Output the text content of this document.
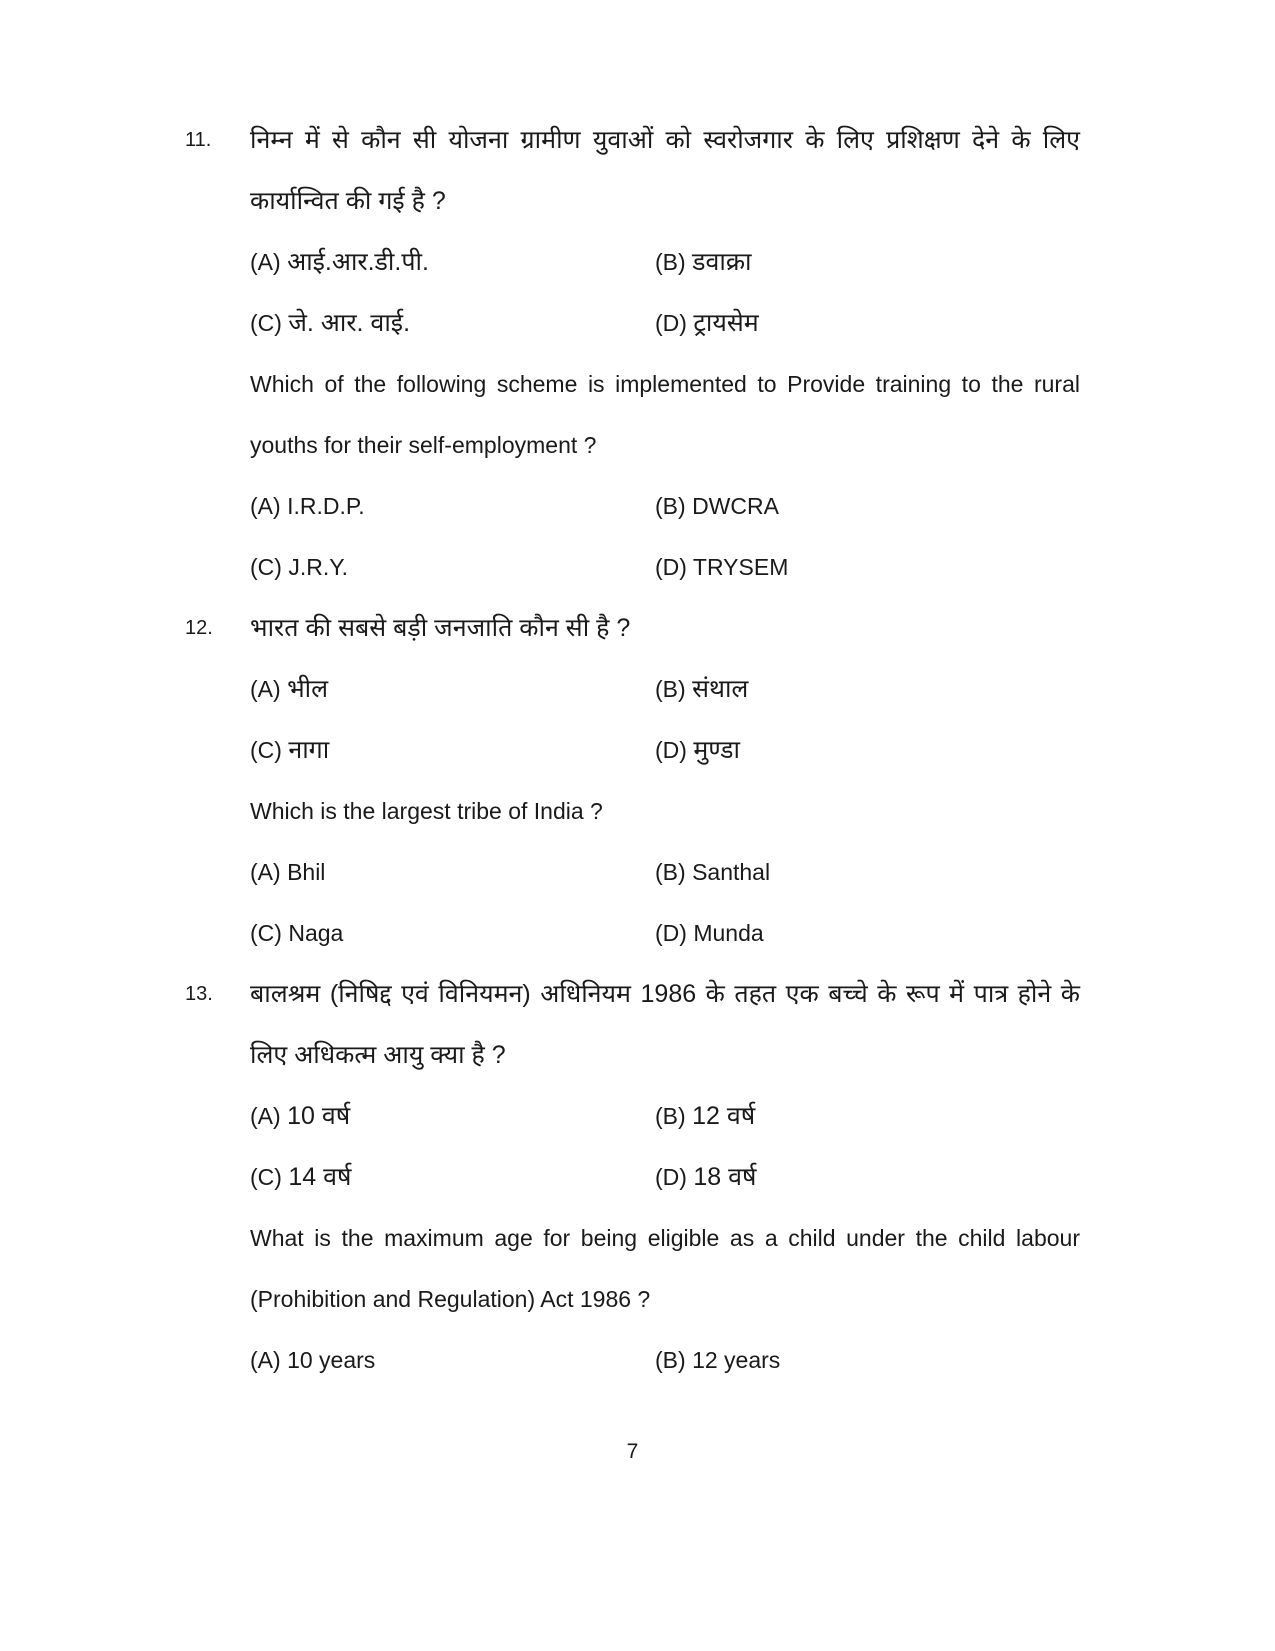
11.	निम्न में से कौन सी योजना ग्रामीण युवाओं को स्वरोजगार के लिए प्रशिक्षण देने के लिए कार्यान्वित की गई है ?
(A) आई.आर.डी.पी.	(B) डवाक्रा
(C) जे. आर. वाई.	(D) ट्रायसेम
Which of the following scheme is implemented to Provide training to the rural youths for their self-employment ?
(A) I.R.D.P.	(B) DWCRA
(C) J.R.Y.	(D) TRYSEM
12.	भारत की सबसे बड़ी जनजाति कौन सी है ?
(A) भील	(B) संथाल
(C) नागा	(D) मुण्डा
Which is the largest tribe of India ?
(A) Bhil	(B) Santhal
(C) Naga	(D) Munda
13.	बालश्रम (निषिद्द एवं विनियमन) अधिनियम 1986 के तहत एक बच्चे के रूप में पात्र होने के लिए अधिकत्म आयु क्या है ?
(A) 10 वर्ष	(B) 12 वर्ष
(C) 14 वर्ष	(D) 18 वर्ष
What is the maximum age for being eligible as a child under the child labour (Prohibition and Regulation) Act 1986 ?
(A) 10 years	(B) 12 years
7
